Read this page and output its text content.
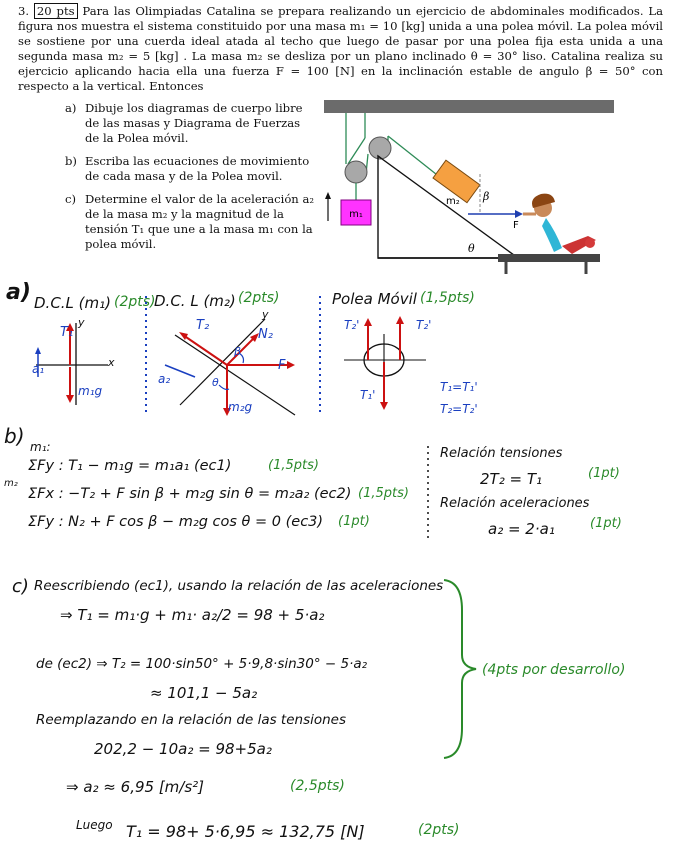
3. 20 pts Para las Olimpiadas Catalina se prepara realizando un ejercicio de abdominales modificados. La figura nos muestra el sistema constituido por una masa m₁ = 10 [kg] unida a una polea móvil. La polea móvil se sostiene por una cuerda ideal atada al techo que luego de pasar por una polea fija esta unida a una segunda masa m₂ = 5 [kg] . La masa m₂ se desliza por un plano inclinado θ = 30° liso. Catalina realiza su ejercicio aplicando hacia ella una fuerza F = 100 [N] en la inclinación estable de angulo β = 50° con respecto a la vertical. Entonces
a) Dibuje los diagramas de cuerpo libre de las masas y Diagrama de Fuerzas de la Polea móvil.
b) Escriba las ecuaciones de movimiento de cada masa y de la Polea movil.
c) Determine el valor de la aceleración a₂ de la masa m₂ y la magnitud de la tensión T₁ que une a la masa m₁ con la polea móvil.
m₁
m₂
F
β
θ
a) D.C.L (m₁) (2pts)
D.C. L (m₂) (2pts)	Polea Móvil (1,5pts)
T₁
a₁
m₁g
x
y	T₂
N₂
a₂
F
m₂g
θ
β
y
T₂'	T₂'
T₁'
T₁=T₁'
T₂=T₂'
b) m₁:
m₂
ΣFy : T₁ − m₁g = m₁a₁ (ec1)	(1,5pts)
ΣFx : −T₂ + F sin β + m₂g sin θ = m₂a₂ (ec2) (1,5pts)
ΣFy : N₂ + F cos β − m₂g cos θ = 0 (ec3) (1pt)
Relación tensiones
2T₂ = T₁	(1pt)
Relación aceleraciones
a₂ = 2·a₁	(1pt)
c) Reescribiendo (ec1), usando la relación de las aceleraciones
⇒ T₁ = m₁·g + m₁· a₂/2 = 98 + 5·a₂
de (ec2) ⇒ T₂ = 100·sin50° + 5·9,8·sin30° − 5·a₂
≈ 101,1 − 5a₂
Reemplazando en la relación de las tensiones
202,2 − 10a₂ = 98+5a₂
⇒ a₂ ≈ 6,95 [m/s²]	(2,5pts)
(4pts por desarrollo)
Luego T₁ = 98+ 5·6,95 ≈ 132,75 [N]	(2pts)
